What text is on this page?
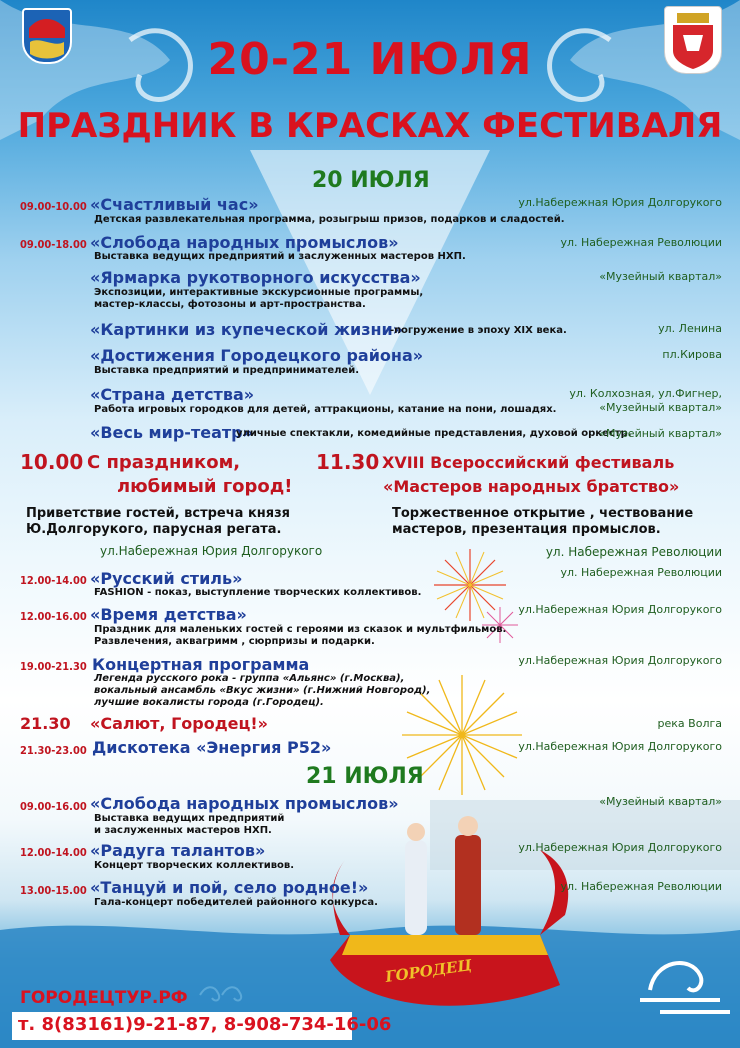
20-21 ИЮЛЯ
ПРАЗДНИК В КРАСКАХ ФЕСТИВАЛЯ
20 ИЮЛЯ
09.00-10.00 «Счастливый час»
Детская развлекательная программа, розыгрыш призов, подарков и сладостей.
ул.Набережная Юрия Долгорукого
09.00-18.00 «Слобода народных промыслов»
Выставка ведущих предприятий и заслуженных мастеров НХП.
ул. Набережная Революции
«Ярмарка рукотворного искусства»
Экспозиции, интерактивные экскурсионные программы,
мастер-классы, фотозоны и арт-пространства.
«Музейный квартал»
«Картинки из купеческой жизни»
-погружение в эпоху XIX века.	ул. Ленина
«Достижения Городецкого района»
Выставка предприятий и предпринимателей.
пл.Кирова
«Страна детства»
Работа игровых городков для детей, аттракционы, катание на пони, лошадях.
ул. Колхозная, ул.Фигнер,
«Музейный квартал»
«Весь мир-театр»
уличные спектакли, комедийные представления, духовой оркестр.
«Музейный квартал»
10.00 С праздником,
любимый город!
Приветствие гостей, встреча князя
Ю.Долгорукого, парусная регата.
ул.Набережная Юрия Долгорукого
11.30 XVIII Всероссийский фестиваль
«Мастеров народных братство»
Торжественное открытие , чествование
мастеров, презентация промыслов.
ул. Набережная Революции
12.00-14.00 «Русский стиль»
FASHION - показ, выступление творческих коллективов.
ул. Набережная Революции
12.00-16.00 «Время детства»
Праздник для маленьких гостей с героями из сказок и мультфильмов.
Развлечения, аквагримм , сюрпризы и подарки.
ул.Набережная Юрия Долгорукого
19.00-21.30 Концертная программа
Легенда русского рока - группа «Альянс» (г.Москва),
вокальный ансамбль «Вкус жизни» (г.Нижний Новгород),
лучшие вокалисты города (г.Городец).
ул.Набережная Юрия Долгорукого
21.30 «Салют, Городец!»	река Волга
21.30-23.00 Дискотека «Энергия Р52»	ул.Набережная Юрия Долгорукого
21 ИЮЛЯ
09.00-16.00 «Слобода народных промыслов»
Выставка ведущих предприятий
и заслуженных мастеров НХП.
«Музейный квартал»
12.00-14.00 «Радуга талантов»
Концерт творческих коллективов.
ул.Набережная Юрия Долгорукого
13.00-15.00 «Танцуй и пой, село родное!»
Гала-концерт победителей районного конкурса.
ул. Набережная Революции
ГОРОДЕЦ
ГОРОДЕЦТУР.РФ
т. 8(83161)9-21-87, 8-908-734-16-06
